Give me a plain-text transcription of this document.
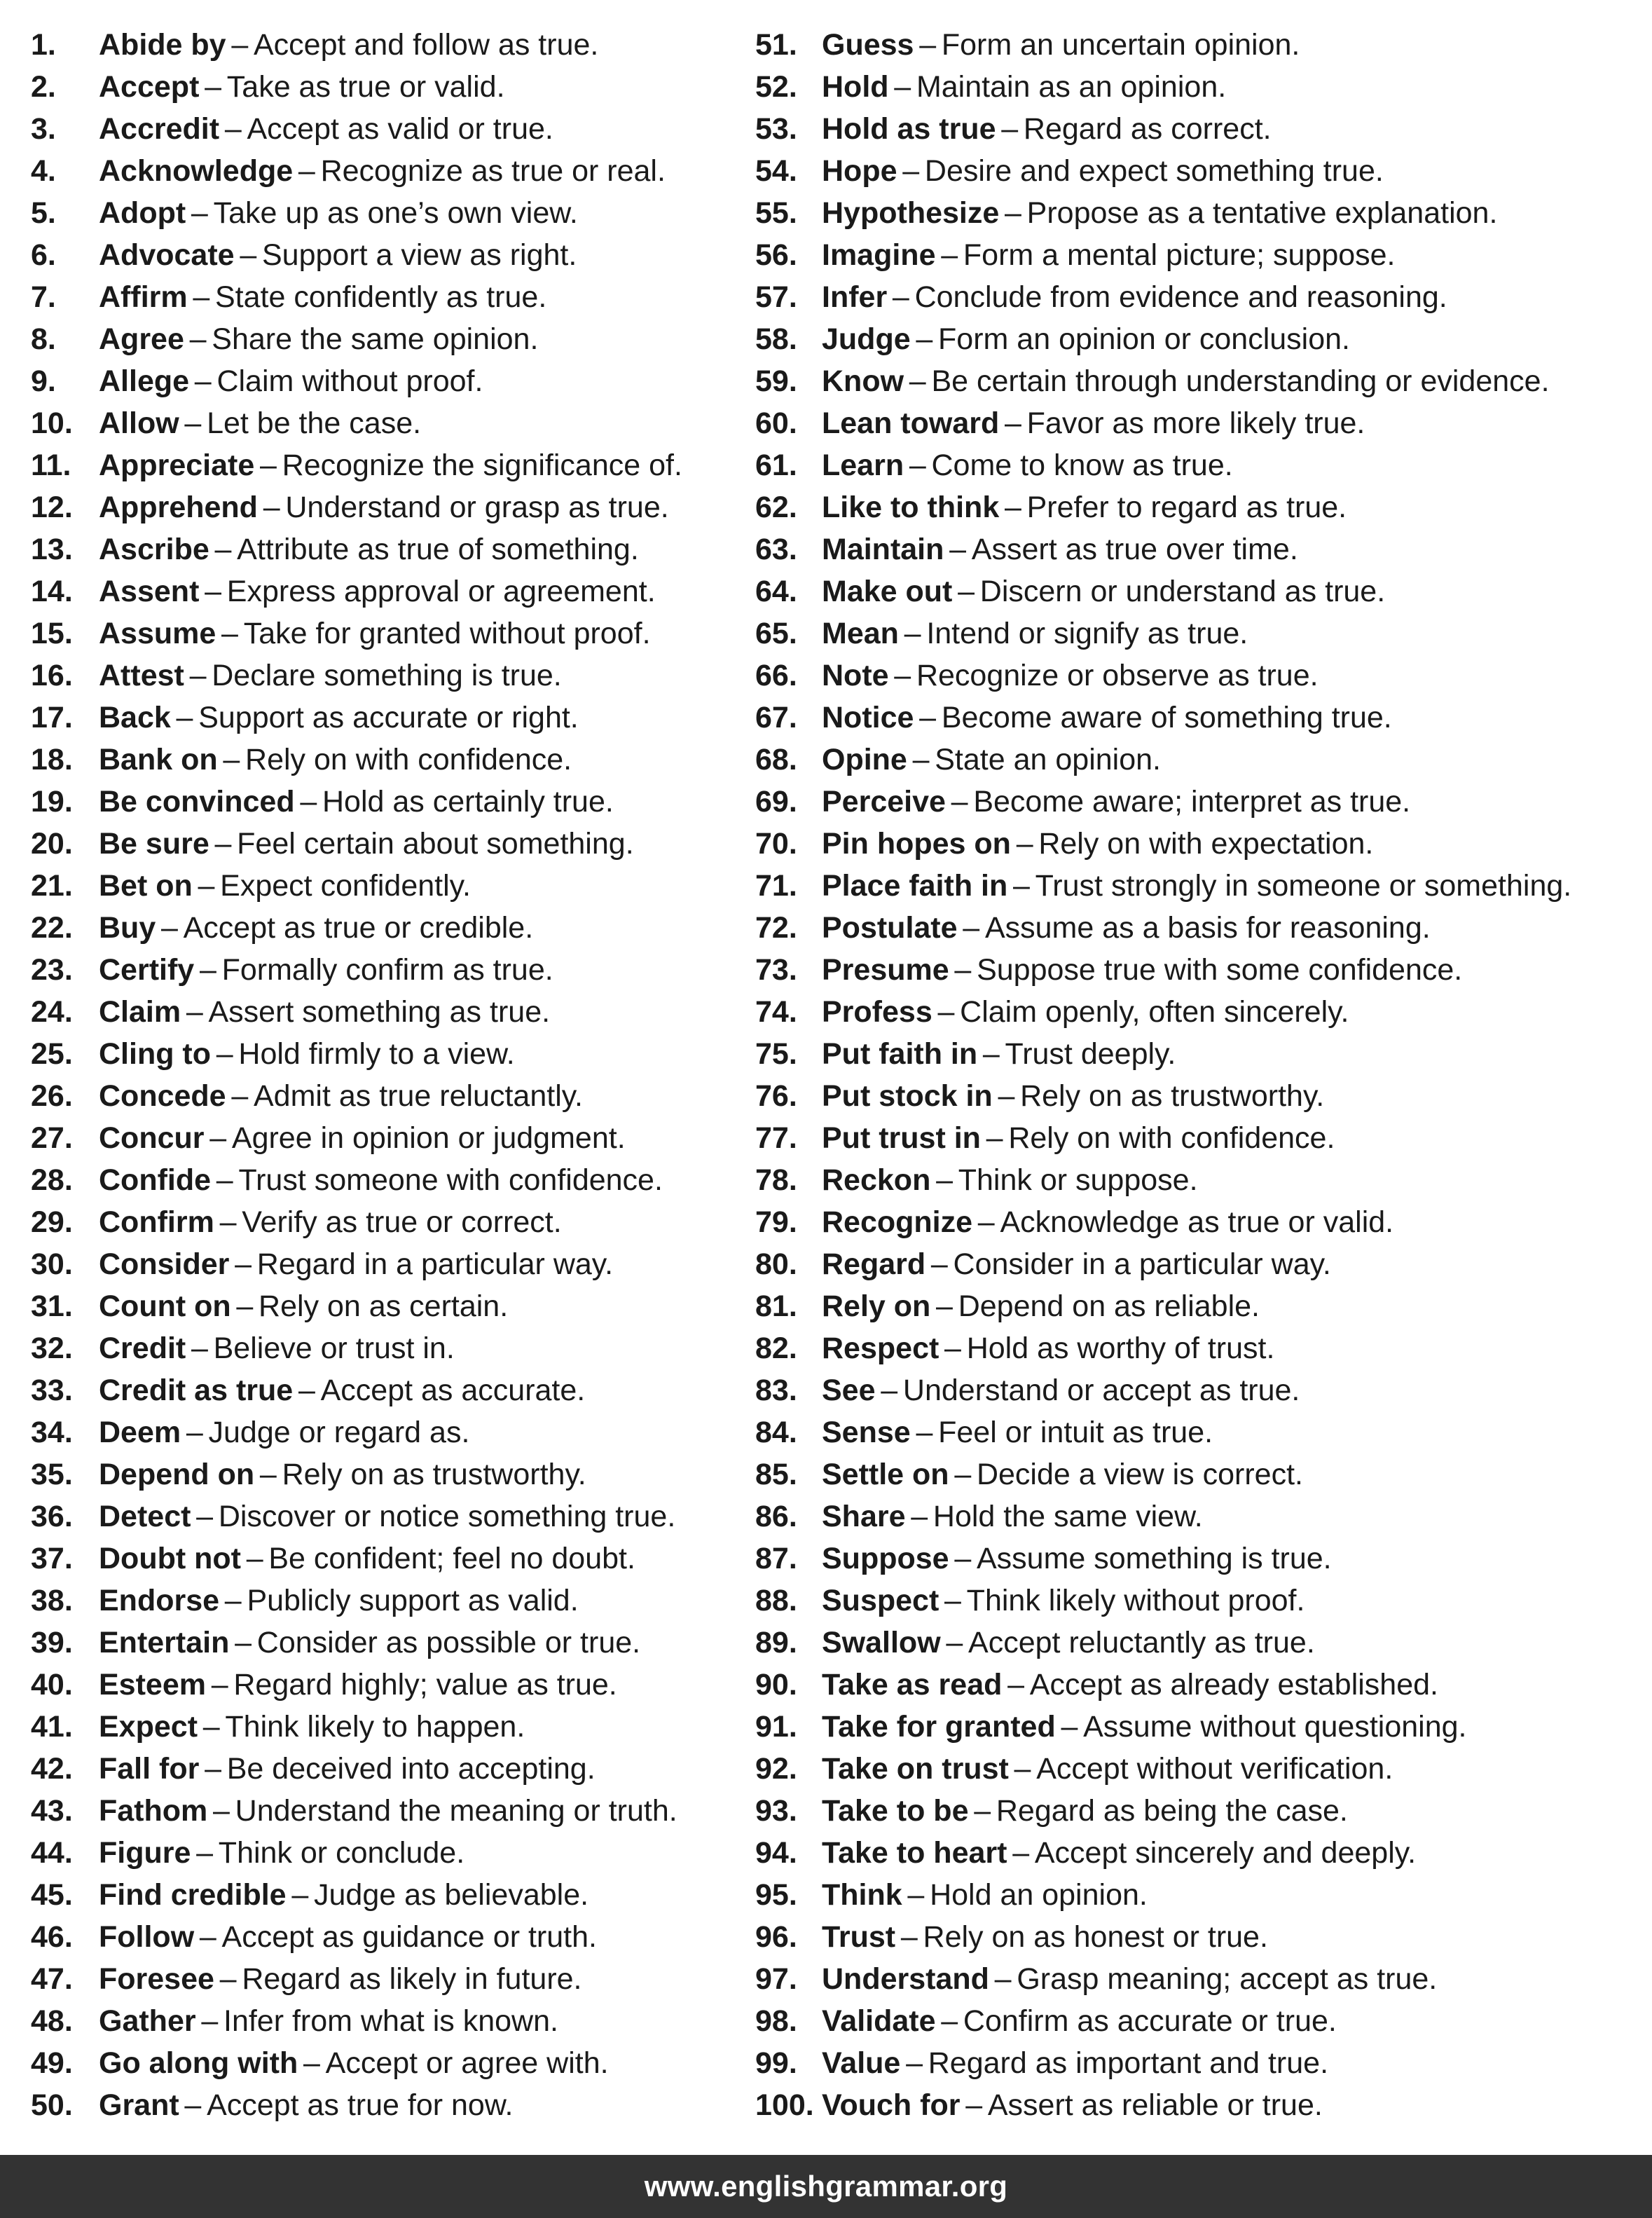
1. Abide by – Accept and follow as true.
2. Accept – Take as true or valid.
3. Accredit – Accept as valid or true.
4. Acknowledge – Recognize as true or real.
5. Adopt – Take up as one’s own view.
6. Advocate – Support a view as right.
7. Affirm – State confidently as true.
8. Agree – Share the same opinion.
9. Allege – Claim without proof.
10. Allow – Let be the case.
11. Appreciate – Recognize the significance of.
12. Apprehend – Understand or grasp as true.
13. Ascribe – Attribute as true of something.
14. Assent – Express approval or agreement.
15. Assume – Take for granted without proof.
16. Attest – Declare something is true.
17. Back – Support as accurate or right.
18. Bank on – Rely on with confidence.
19. Be convinced – Hold as certainly true.
20. Be sure – Feel certain about something.
21. Bet on – Expect confidently.
22. Buy – Accept as true or credible.
23. Certify – Formally confirm as true.
24. Claim – Assert something as true.
25. Cling to – Hold firmly to a view.
26. Concede – Admit as true reluctantly.
27. Concur – Agree in opinion or judgment.
28. Confide – Trust someone with confidence.
29. Confirm – Verify as true or correct.
30. Consider – Regard in a particular way.
31. Count on – Rely on as certain.
32. Credit – Believe or trust in.
33. Credit as true – Accept as accurate.
34. Deem – Judge or regard as.
35. Depend on – Rely on as trustworthy.
36. Detect – Discover or notice something true.
37. Doubt not – Be confident; feel no doubt.
38. Endorse – Publicly support as valid.
39. Entertain – Consider as possible or true.
40. Esteem – Regard highly; value as true.
41. Expect – Think likely to happen.
42. Fall for – Be deceived into accepting.
43. Fathom – Understand the meaning or truth.
44. Figure – Think or conclude.
45. Find credible – Judge as believable.
46. Follow – Accept as guidance or truth.
47. Foresee – Regard as likely in future.
48. Gather – Infer from what is known.
49. Go along with – Accept or agree with.
50. Grant – Accept as true for now.
51. Guess – Form an uncertain opinion.
52. Hold – Maintain as an opinion.
53. Hold as true – Regard as correct.
54. Hope – Desire and expect something true.
55. Hypothesize – Propose as a tentative explanation.
56. Imagine – Form a mental picture; suppose.
57. Infer – Conclude from evidence and reasoning.
58. Judge – Form an opinion or conclusion.
59. Know – Be certain through understanding or evidence.
60. Lean toward – Favor as more likely true.
61. Learn – Come to know as true.
62. Like to think – Prefer to regard as true.
63. Maintain – Assert as true over time.
64. Make out – Discern or understand as true.
65. Mean – Intend or signify as true.
66. Note – Recognize or observe as true.
67. Notice – Become aware of something true.
68. Opine – State an opinion.
69. Perceive – Become aware; interpret as true.
70. Pin hopes on – Rely on with expectation.
71. Place faith in – Trust strongly in someone or something.
72. Postulate – Assume as a basis for reasoning.
73. Presume – Suppose true with some confidence.
74. Profess – Claim openly, often sincerely.
75. Put faith in – Trust deeply.
76. Put stock in – Rely on as trustworthy.
77. Put trust in – Rely on with confidence.
78. Reckon – Think or suppose.
79. Recognize – Acknowledge as true or valid.
80. Regard – Consider in a particular way.
81. Rely on – Depend on as reliable.
82. Respect – Hold as worthy of trust.
83. See – Understand or accept as true.
84. Sense – Feel or intuit as true.
85. Settle on – Decide a view is correct.
86. Share – Hold the same view.
87. Suppose – Assume something is true.
88. Suspect – Think likely without proof.
89. Swallow – Accept reluctantly as true.
90. Take as read – Accept as already established.
91. Take for granted – Assume without questioning.
92. Take on trust – Accept without verification.
93. Take to be – Regard as being the case.
94. Take to heart – Accept sincerely and deeply.
95. Think – Hold an opinion.
96. Trust – Rely on as honest or true.
97. Understand – Grasp meaning; accept as true.
98. Validate – Confirm as accurate or true.
99. Value – Regard as important and true.
100. Vouch for – Assert as reliable or true.
www.englishgrammar.org
